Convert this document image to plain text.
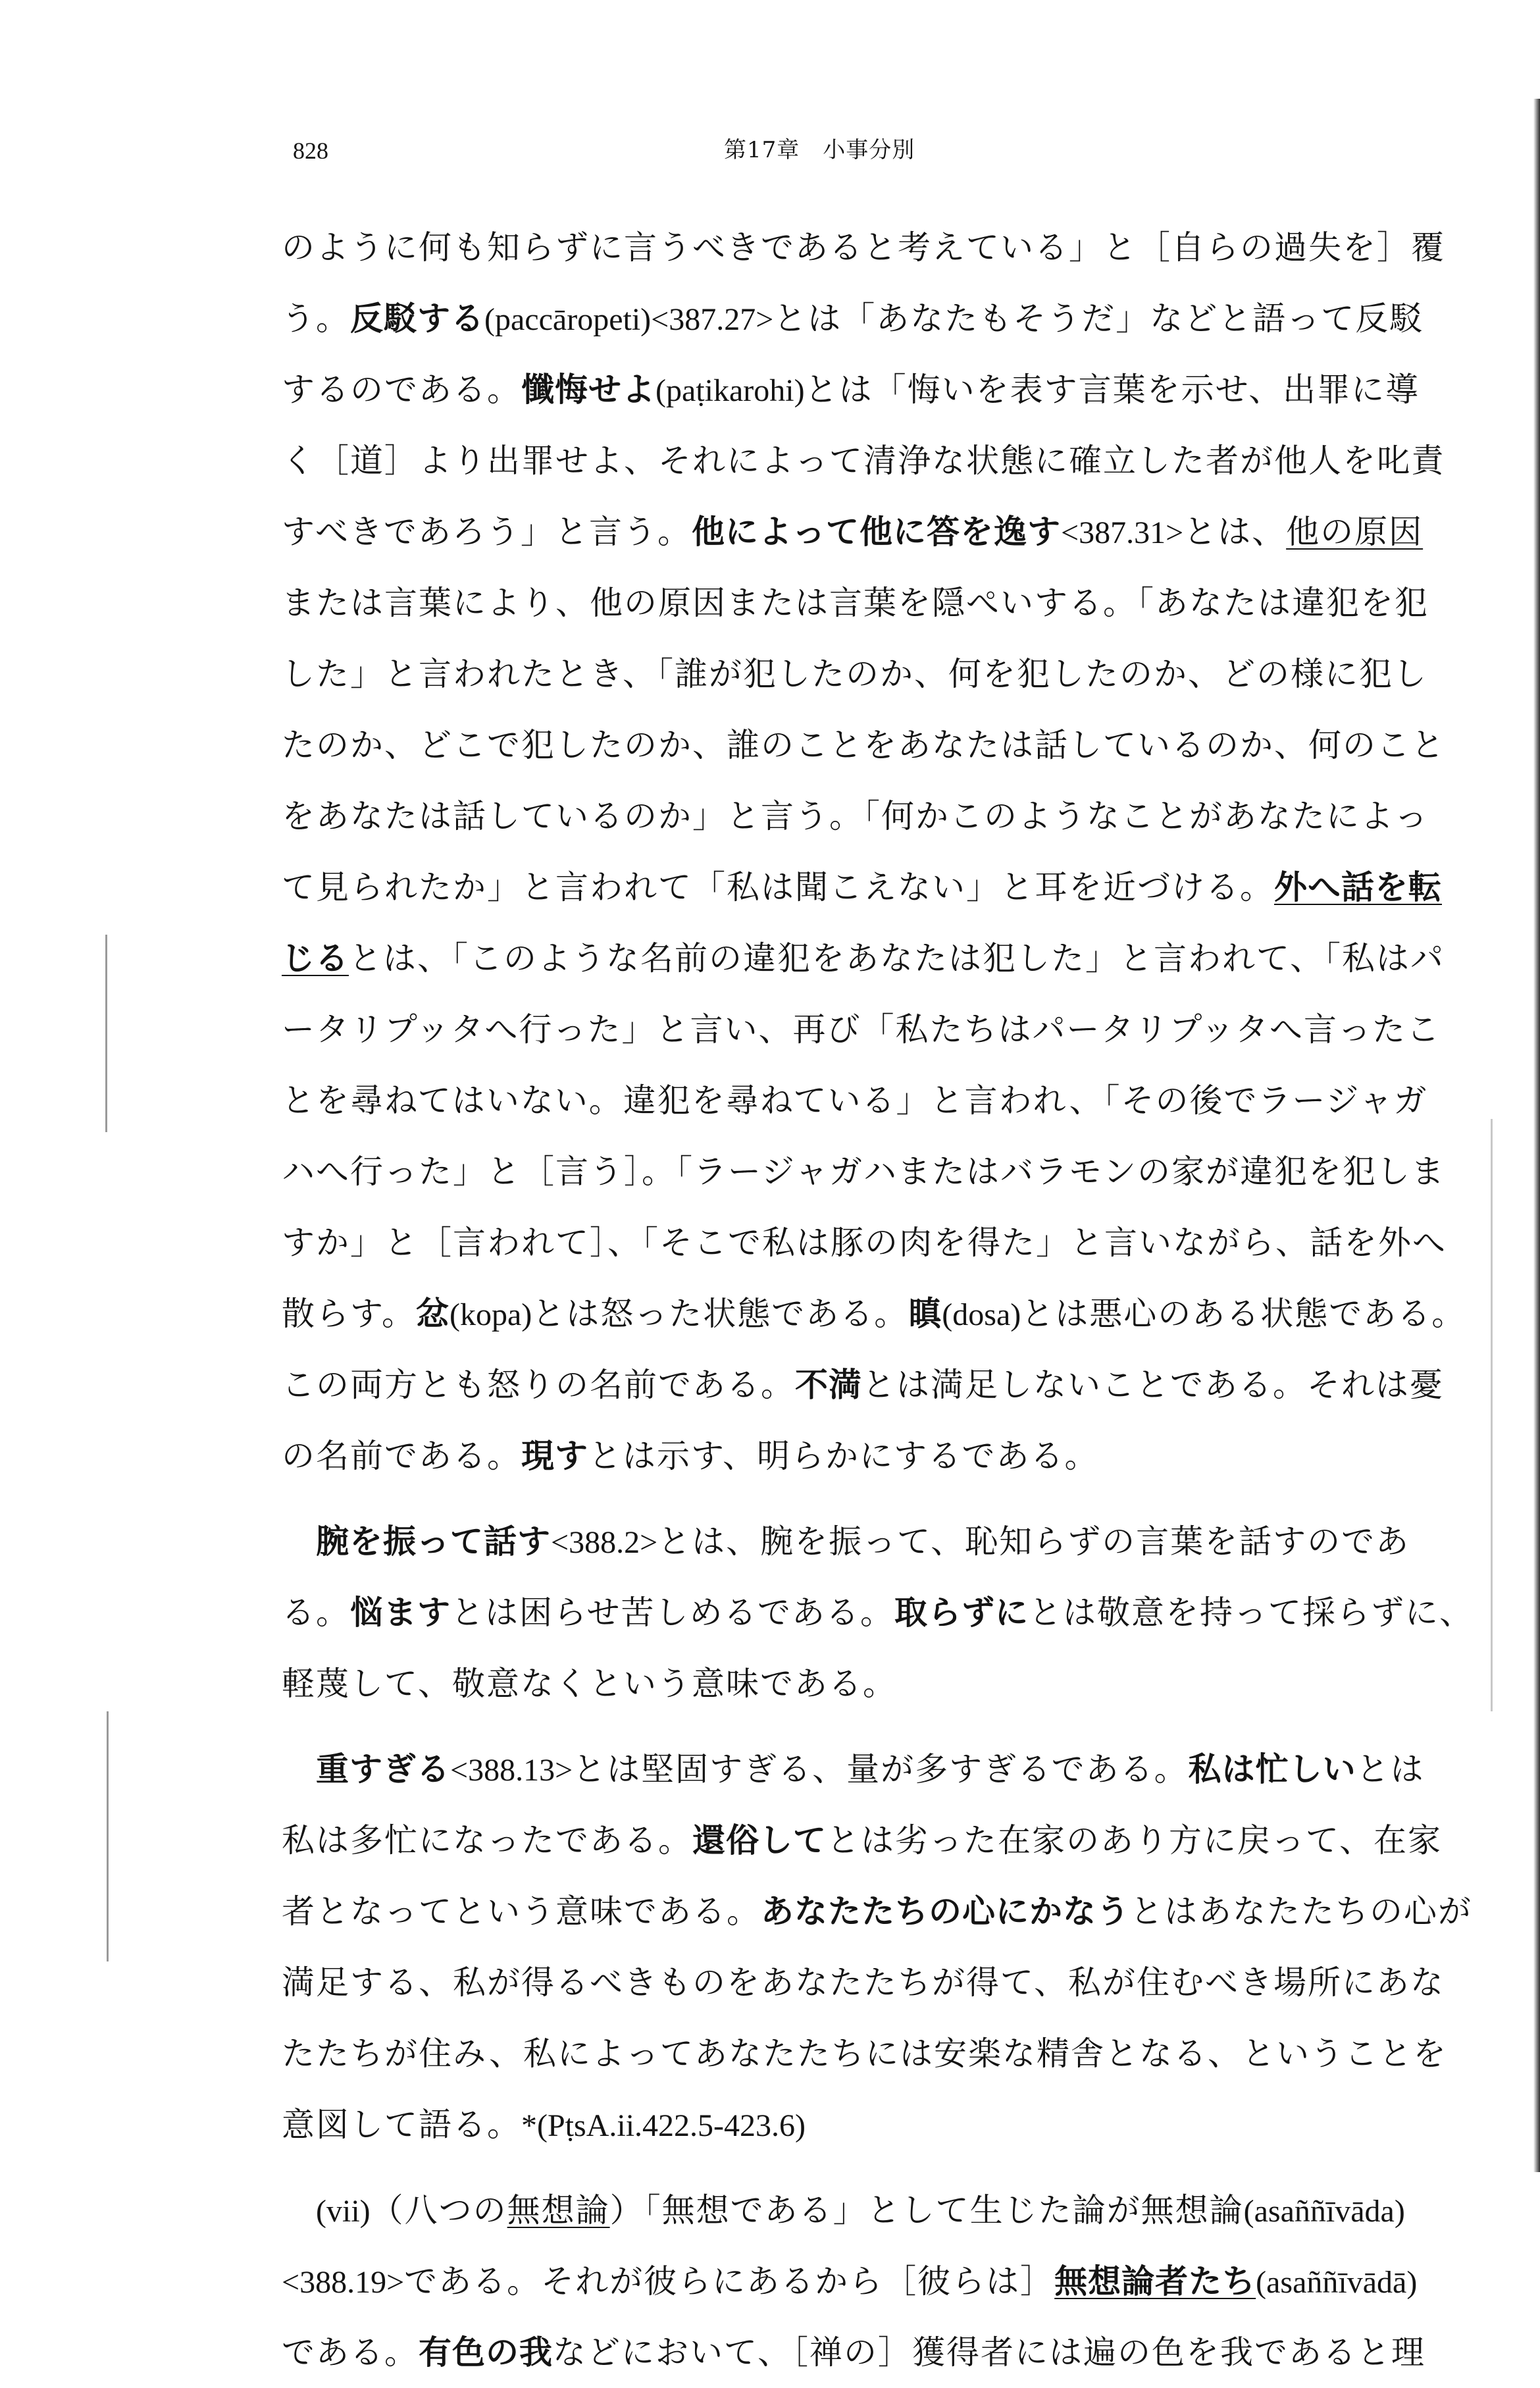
828	第17章　小事分別
のように何も知らずに言うべきであると考えている」と［自らの過失を］覆
う。反駁する(paccāropeti)<387.27>とは「あなたもそうだ」などと語って反駁
するのである。懺悔せよ(paṭikarohi)とは「悔いを表す言葉を示せ、出罪に導
く［道］より出罪せよ、それによって清浄な状態に確立した者が他人を叱責
すべきであろう」と言う。他によって他に答を逸す<387.31>とは、他の原因
または言葉により、他の原因または言葉を隠ぺいする。「あなたは違犯を犯
した」と言われたとき、「誰が犯したのか、何を犯したのか、どの様に犯し
たのか、どこで犯したのか、誰のことをあなたは話しているのか、何のこと
をあなたは話しているのか」と言う。「何かこのようなことがあなたによっ
て見られたか」と言われて「私は聞こえない」と耳を近づける。外へ話を転
じるとは、「このような名前の違犯をあなたは犯した」と言われて、「私はパ
ータリプッタへ行った」と言い、再び「私たちはパータリプッタへ言ったこ
とを尋ねてはいない。違犯を尋ねている」と言われ、「その後でラージャガ
ハへ行った」と［言う］。「ラージャガハまたはバラモンの家が違犯を犯しま
すか」と［言われて］、「そこで私は豚の肉を得た」と言いながら、話を外へ
散らす。忿(kopa)とは怒った状態である。瞋(dosa)とは悪心のある状態である。
この両方とも怒りの名前である。不満とは満足しないことである。それは憂
の名前である。現すとは示す、明らかにするである。
腕を振って話す<388.2>とは、腕を振って、恥知らずの言葉を話すのであ
る。悩ますとは困らせ苦しめるである。取らずにとは敬意を持って採らずに、
軽蔑して、敬意なくという意味である。
重すぎる<388.13>とは堅固すぎる、量が多すぎるである。私は忙しいとは
私は多忙になったである。還俗してとは劣った在家のあり方に戻って、在家
者となってという意味である。あなたたちの心にかなうとはあなたたちの心が
満足する、私が得るべきものをあなたたちが得て、私が住むべき場所にあな
たたちが住み、私によってあなたたちには安楽な精舎となる、ということを
意図して語る。*(PṭsA.ii.422.5-423.6)
(vii)（八つの無想論）「無想である」として生じた論が無想論(asaññīvāda)
<388.19>である。それが彼らにあるから［彼らは］無想論者たち(asaññīvādā)
である。有色の我などにおいて、［禅の］獲得者には遍の色を我であると理
